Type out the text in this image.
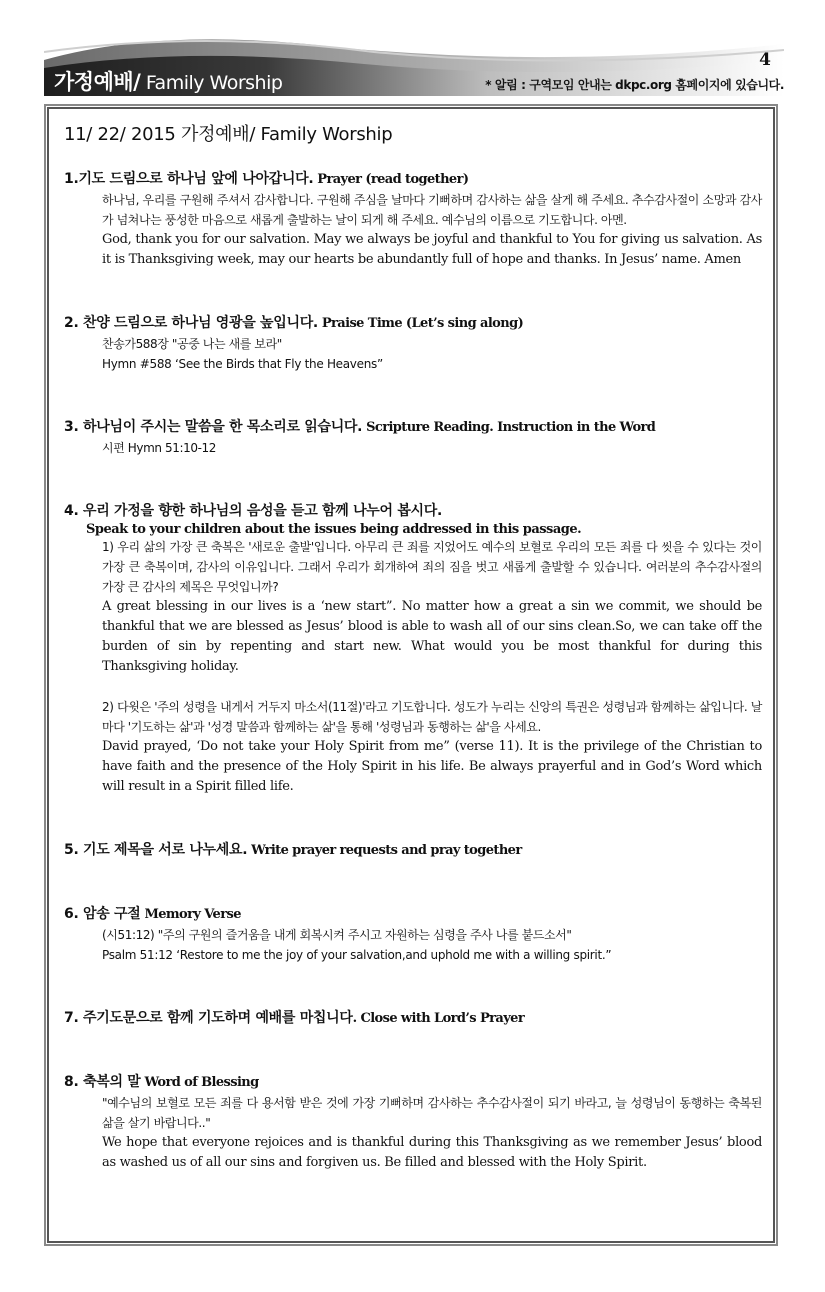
가정예배/ Family Worship
4
* 알림 : 구역모임 안내는 dkpc.org 홈페이지에 있습니다.
11/ 22/ 2015 가정예배/ Family Worship
1.기도 드림으로 하나님 앞에 나아갑니다. Prayer (read together)
하나님, 우리를 구원해 주셔서 감사합니다. 구원해 주심을 날마다 기뻐하며 감사하는 삶을 살게 해 주세요. 추수감사절이 소망과 감사가 넘쳐나는 풍성한 마음으로 새롭게 출발하는 날이 되게 해 주세요. 예수님의 이름으로 기도합니다. 아멘.
God, thank you for our salvation. May we always be joyful and thankful to You for giving us salvation. As it is Thanksgiving week, may our hearts be abundantly full of hope and thanks. In Jesus’ name. Amen
2. 찬양 드림으로 하나님 영광을 높입니다. Praise Time (Let’s sing along)
찬송가588장 "공중 나는 새를 보라"
Hymn #588 ‘See the Birds that Fly the Heavens”
3. 하나님이 주시는 말씀을 한 목소리로 읽습니다. Scripture Reading. Instruction in the Word
시편 Hymn 51:10-12
4. 우리 가정을 향한 하나님의 음성을 듣고 함께 나누어 봅시다.
Speak to your children about the issues being addressed in this passage.
1) 우리 삶의 가장 큰 축복은 '새로운 출발'입니다. 아무리 큰 죄를 지었어도 예수의 보혈로 우리의 모든 죄를 다 씻을 수 있다는 것이 가장 큰 축복이며, 감사의 이유입니다. 그래서 우리가 회개하여 죄의 짐을 벗고 새롭게 출발할 수 있습니다. 여러분의 추수감사절의 가장 큰 감사의 제목은 무엇입니까?
A great blessing in our lives is a ‘new start”. No matter how a great a sin we commit, we should be thankful that we are blessed as Jesus’ blood is able to wash all of our sins clean.So, we can take off the burden of sin by repenting and start new. What would you be most thankful for during this Thanksgiving holiday.
2) 다윗은 '주의 성령을 내게서 거두지 마소서(11절)'라고 기도합니다. 성도가 누리는 신앙의 특권은 성령님과 함께하는 삶입니다. 날마다 '기도하는 삶'과 '성경 말씀과 함께하는 삶'을 통해 '성령님과 동행하는 삶'을 사세요.
David prayed, ‘Do not take your Holy Spirit from me” (verse 11). It is the privilege of the Christian to have faith and the presence of the Holy Spirit in his life. Be always prayerful and in God’s Word which will result in a Spirit filled life.
5. 기도 제목을 서로 나누세요. Write prayer requests and pray together
6. 암송 구절 Memory Verse
(시51:12) "주의 구원의 즐거움을 내게 회복시켜 주시고 자원하는 심령을 주사 나를 붙드소서"
Psalm 51:12 ‘Restore to me the joy of your salvation,and uphold me with a willing spirit.”
7. 주기도문으로 함께 기도하며 예배를 마칩니다. Close with Lord’s Prayer
8. 축복의 말 Word of Blessing
"예수님의 보혈로 모든 죄를 다 용서함 받은 것에 가장 기뻐하며 감사하는 추수감사절이 되기 바라고, 늘 성령님이 동행하는 축복된 삶을 살기 바랍니다.."
We hope that everyone rejoices and is thankful during this Thanksgiving as we remember Jesus’ blood as washed us of all our sins and forgiven us. Be filled and blessed with the Holy Spirit.
